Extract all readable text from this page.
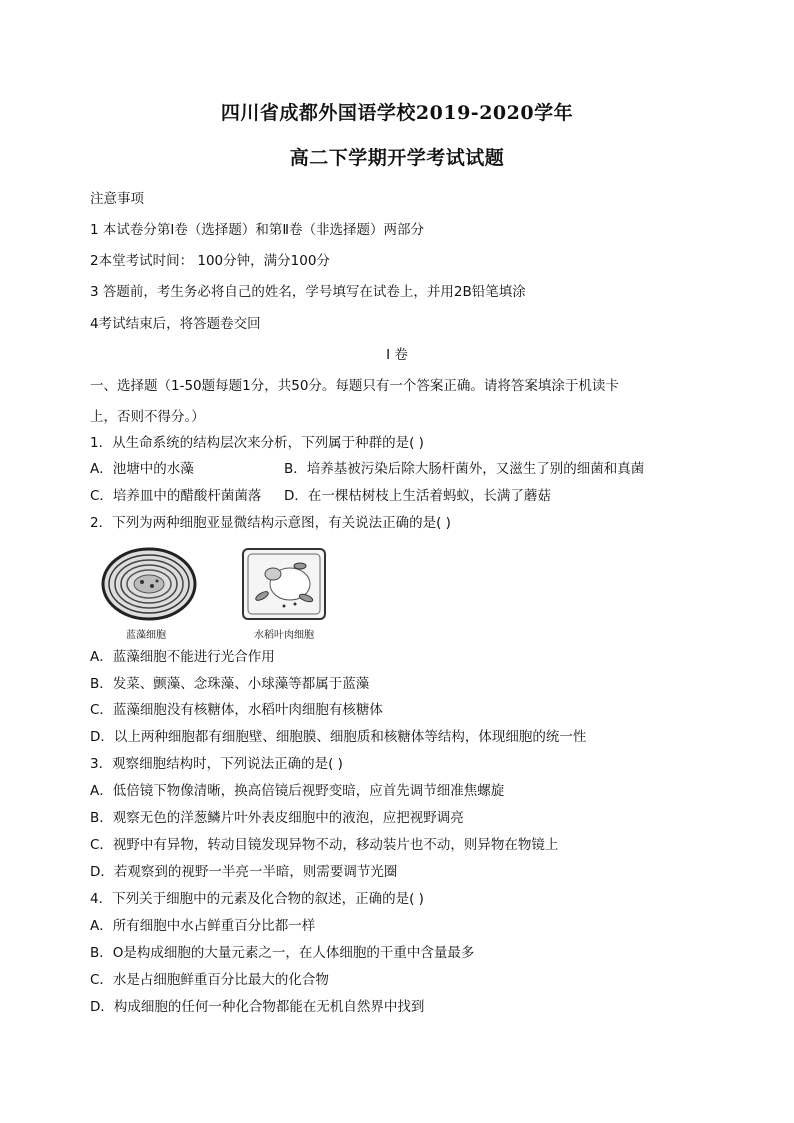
四川省成都外国语学校2019-2020学年
高二下学期开学考试试题
注意事项
1 本试卷分第Ⅰ卷（选择题）和第Ⅱ卷（非选择题）两部分
2本堂考试时间： 100分钟，满分100分
3 答题前，考生务必将自己的姓名，学号填写在试卷上，并用2B铅笔填涂
4考试结束后，将答题卷交回
Ⅰ 卷
一、选择题（1-50题每题1分，共50分。每题只有一个答案正确。请将答案填涂于机读卡
上，否则不得分。）
1．从生命系统的结构层次来分析，下列属于种群的是( )
A．池塘中的水藻	B．培养基被污染后除大肠杆菌外，又滋生了别的细菌和真菌
C．培养皿中的醋酸杆菌菌落 D．在一棵枯树枝上生活着蚂蚁，长满了蘑菇
2．下列为两种细胞亚显微结构示意图，有关说法正确的是( )
蓝藻细胞	水稻叶肉细胞
A．蓝藻细胞不能进行光合作用
B．发菜、颤藻、念珠藻、小球藻等都属于蓝藻
C．蓝藻细胞没有核糖体，水稻叶肉细胞有核糖体
D．以上两种细胞都有细胞壁、细胞膜、细胞质和核糖体等结构，体现细胞的统一性
3．观察细胞结构时，下列说法正确的是( )
A．低倍镜下物像清晰，换高倍镜后视野变暗，应首先调节细准焦螺旋
B．观察无色的洋葱鳞片叶外表皮细胞中的液泡，应把视野调亮
C．视野中有异物，转动目镜发现异物不动，移动装片也不动，则异物在物镜上
D．若观察到的视野一半亮一半暗，则需要调节光圈
4．下列关于细胞中的元素及化合物的叙述，正确的是( )
A．所有细胞中水占鲜重百分比都一样
B．O是构成细胞的大量元素之一，在人体细胞的干重中含量最多
C．水是占细胞鲜重百分比最大的化合物
D．构成细胞的任何一种化合物都能在无机自然界中找到
